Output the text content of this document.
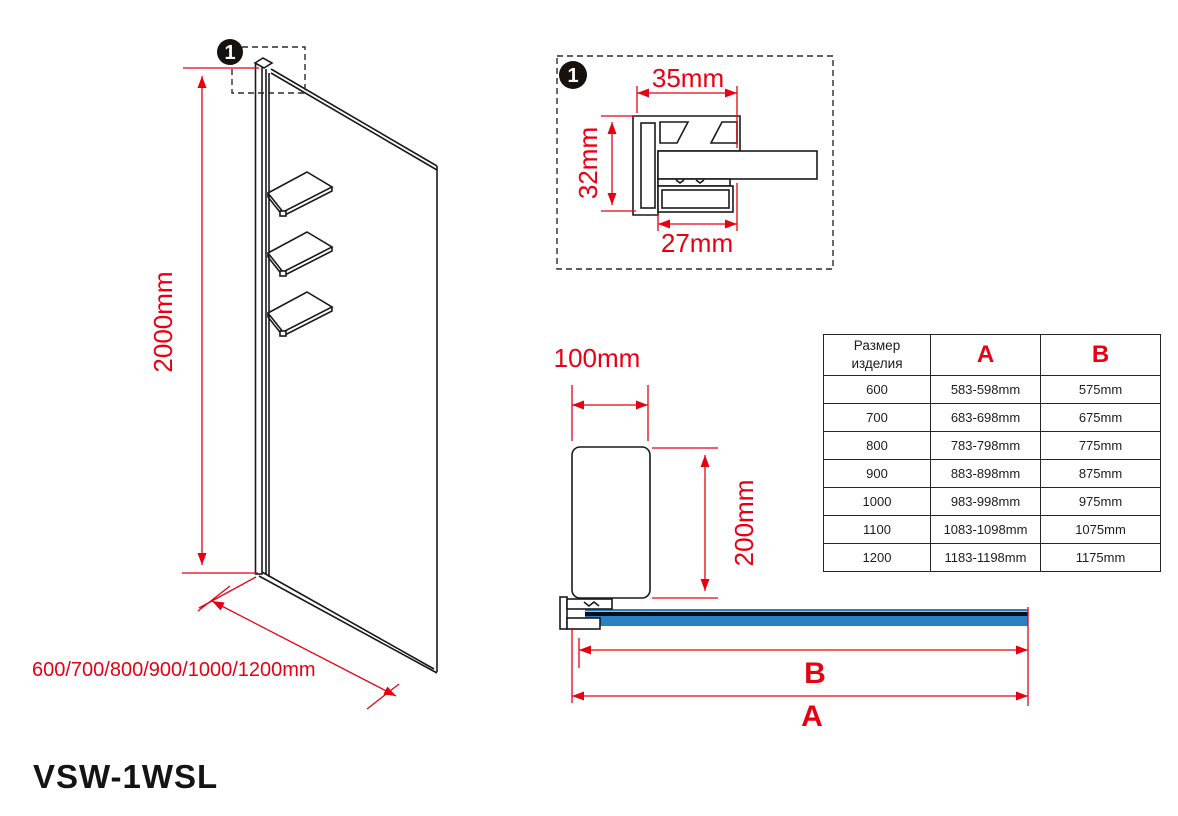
1
2000mm
600/700/800/900/1000/1200mm
1	35mm
32mm
27mm
100mm
200mm
B
A
Размер
изделия	A	B
600	583-598mm	575mm
700	683-698mm	675mm
800	783-798mm	775mm
900	883-898mm	875mm
1000	983-998mm	975mm
1100	1083-1098mm	1075mm
1200	1183-1198mm	1175mm
VSW-1WSL
